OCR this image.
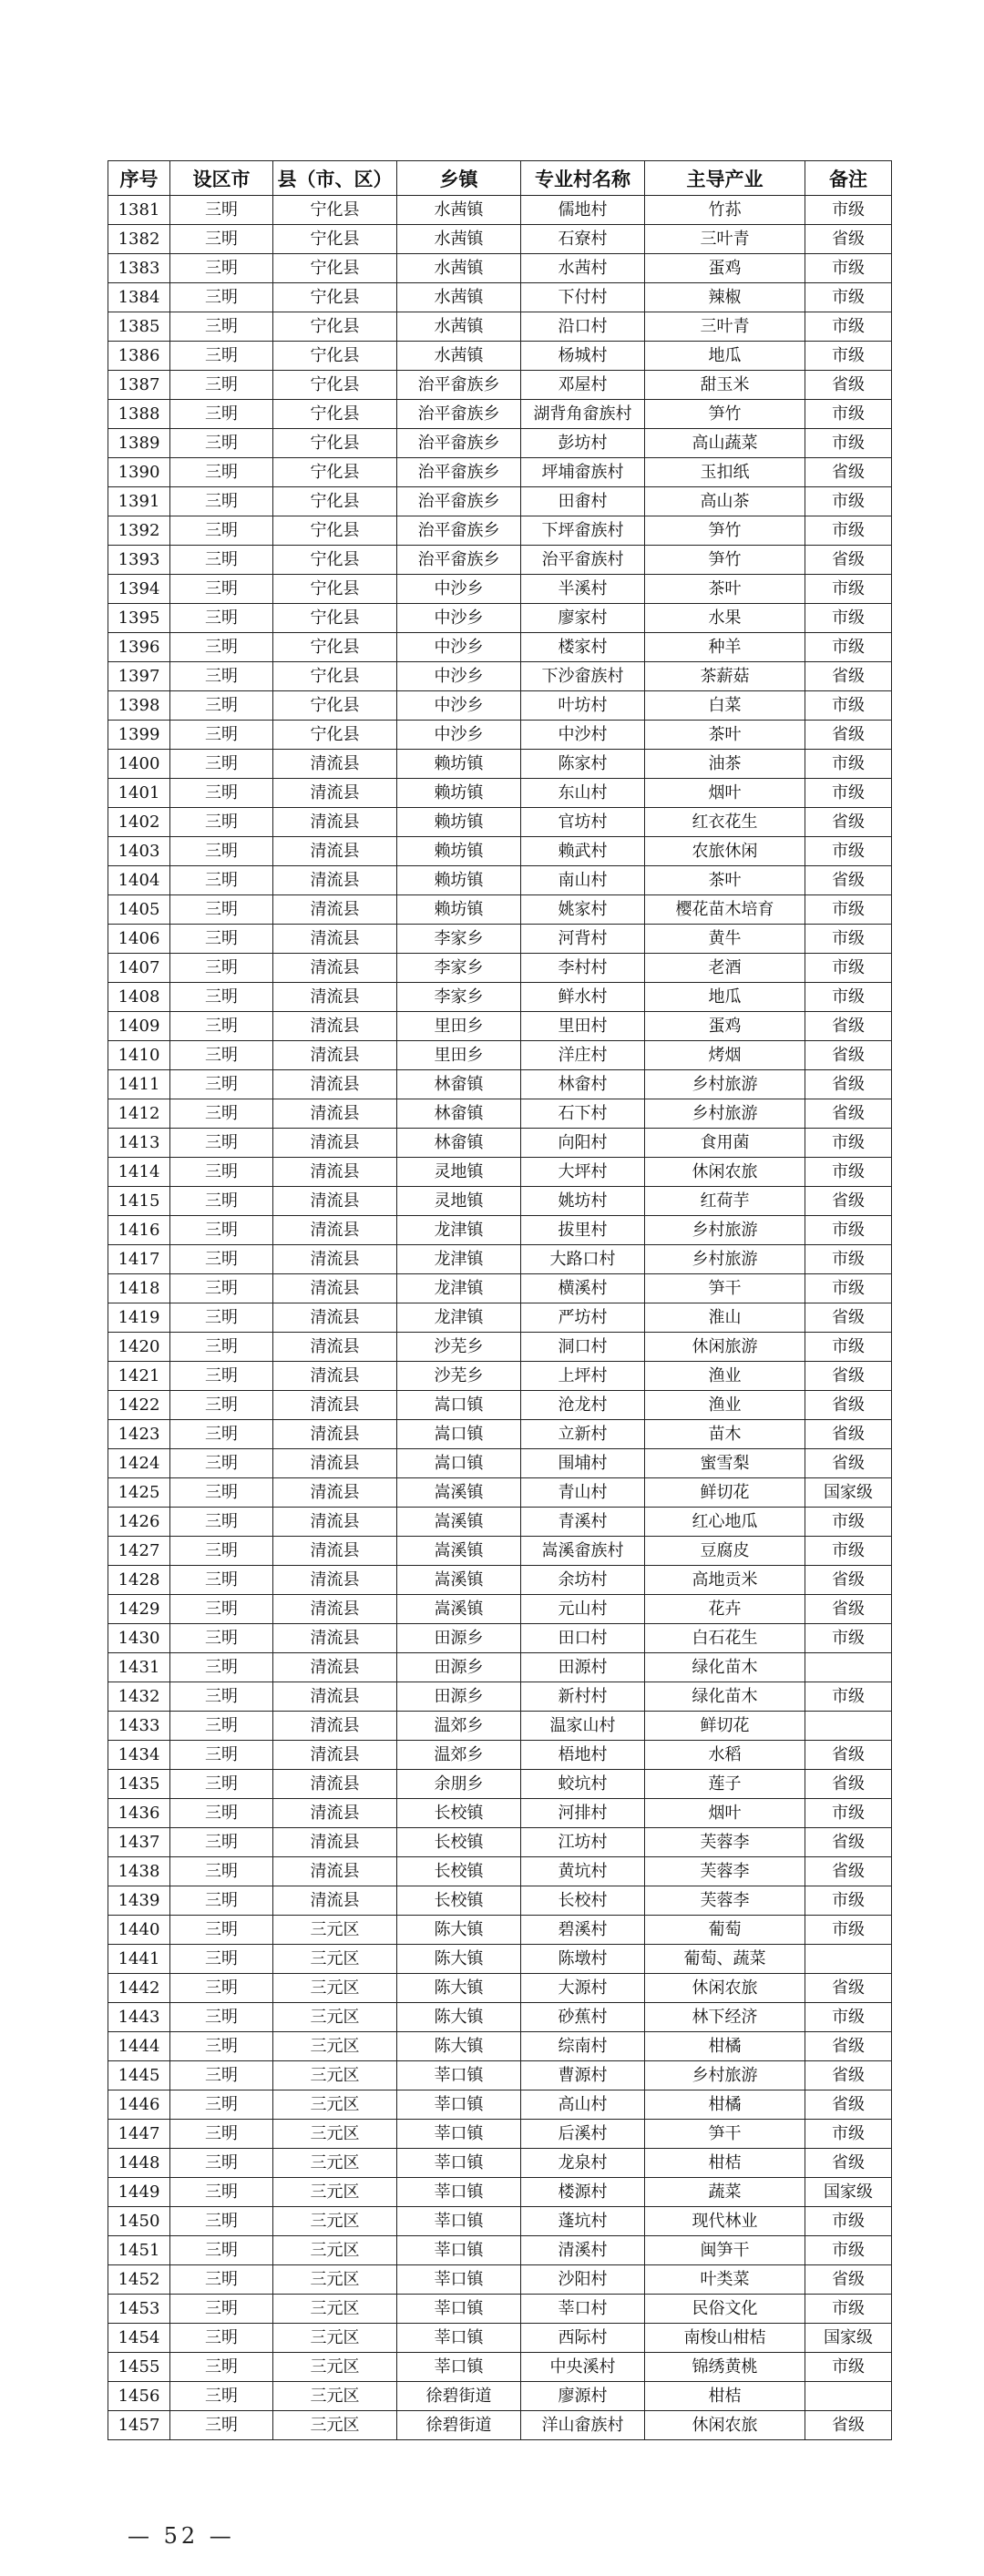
序号	设区市	县（市、区）	乡镇	专业村名称	主导产业	备注
1381	三明	宁化县	水茜镇	儒地村	竹荪	市级
1382	三明	宁化县	水茜镇	石寮村	三叶青	省级
1383	三明	宁化县	水茜镇	水茜村	蛋鸡	市级
1384	三明	宁化县	水茜镇	下付村	辣椒	市级
1385	三明	宁化县	水茜镇	沿口村	三叶青	市级
1386	三明	宁化县	水茜镇	杨城村	地瓜	市级
1387	三明	宁化县	治平畲族乡	邓屋村	甜玉米	省级
1388	三明	宁化县	治平畲族乡	湖背角畲族村	笋竹	市级
1389	三明	宁化县	治平畲族乡	彭坊村	高山蔬菜	市级
1390	三明	宁化县	治平畲族乡	坪埔畲族村	玉扣纸	省级
1391	三明	宁化县	治平畲族乡	田畬村	高山茶	市级
1392	三明	宁化县	治平畲族乡	下坪畲族村	笋竹	市级
1393	三明	宁化县	治平畲族乡	治平畲族村	笋竹	省级
1394	三明	宁化县	中沙乡	半溪村	茶叶	市级
1395	三明	宁化县	中沙乡	廖家村	水果	市级
1396	三明	宁化县	中沙乡	楼家村	种羊	市级
1397	三明	宁化县	中沙乡	下沙畲族村	茶薪菇	省级
1398	三明	宁化县	中沙乡	叶坊村	白菜	市级
1399	三明	宁化县	中沙乡	中沙村	茶叶	省级
1400	三明	清流县	赖坊镇	陈家村	油茶	市级
1401	三明	清流县	赖坊镇	东山村	烟叶	市级
1402	三明	清流县	赖坊镇	官坊村	红衣花生	省级
1403	三明	清流县	赖坊镇	赖武村	农旅休闲	市级
1404	三明	清流县	赖坊镇	南山村	茶叶	省级
1405	三明	清流县	赖坊镇	姚家村	樱花苗木培育	市级
1406	三明	清流县	李家乡	河背村	黄牛	市级
1407	三明	清流县	李家乡	李村村	老酒	市级
1408	三明	清流县	李家乡	鲜水村	地瓜	市级
1409	三明	清流县	里田乡	里田村	蛋鸡	省级
1410	三明	清流县	里田乡	洋庄村	烤烟	省级
1411	三明	清流县	林畲镇	林畲村	乡村旅游	省级
1412	三明	清流县	林畲镇	石下村	乡村旅游	省级
1413	三明	清流县	林畲镇	向阳村	食用菌	市级
1414	三明	清流县	灵地镇	大坪村	休闲农旅	市级
1415	三明	清流县	灵地镇	姚坊村	红荷芋	省级
1416	三明	清流县	龙津镇	拔里村	乡村旅游	市级
1417	三明	清流县	龙津镇	大路口村	乡村旅游	市级
1418	三明	清流县	龙津镇	横溪村	笋干	市级
1419	三明	清流县	龙津镇	严坊村	淮山	省级
1420	三明	清流县	沙芜乡	洞口村	休闲旅游	市级
1421	三明	清流县	沙芜乡	上坪村	渔业	省级
1422	三明	清流县	嵩口镇	沧龙村	渔业	省级
1423	三明	清流县	嵩口镇	立新村	苗木	省级
1424	三明	清流县	嵩口镇	围埔村	蜜雪梨	省级
1425	三明	清流县	嵩溪镇	青山村	鲜切花	国家级
1426	三明	清流县	嵩溪镇	青溪村	红心地瓜	市级
1427	三明	清流县	嵩溪镇	嵩溪畲族村	豆腐皮	市级
1428	三明	清流县	嵩溪镇	余坊村	高地贡米	省级
1429	三明	清流县	嵩溪镇	元山村	花卉	省级
1430	三明	清流县	田源乡	田口村	白石花生	市级
1431	三明	清流县	田源乡	田源村	绿化苗木	
1432	三明	清流县	田源乡	新村村	绿化苗木	市级
1433	三明	清流县	温郊乡	温家山村	鲜切花	
1434	三明	清流县	温郊乡	梧地村	水稻	省级
1435	三明	清流县	余朋乡	蛟坑村	莲子	省级
1436	三明	清流县	长校镇	河排村	烟叶	市级
1437	三明	清流县	长校镇	江坊村	芙蓉李	省级
1438	三明	清流县	长校镇	黄坑村	芙蓉李	省级
1439	三明	清流县	长校镇	长校村	芙蓉李	市级
1440	三明	三元区	陈大镇	碧溪村	葡萄	市级
1441	三明	三元区	陈大镇	陈墩村	葡萄、蔬菜	
1442	三明	三元区	陈大镇	大源村	休闲农旅	省级
1443	三明	三元区	陈大镇	砂蕉村	林下经济	市级
1444	三明	三元区	陈大镇	综南村	柑橘	省级
1445	三明	三元区	莘口镇	曹源村	乡村旅游	省级
1446	三明	三元区	莘口镇	高山村	柑橘	省级
1447	三明	三元区	莘口镇	后溪村	笋干	市级
1448	三明	三元区	莘口镇	龙泉村	柑桔	省级
1449	三明	三元区	莘口镇	楼源村	蔬菜	国家级
1450	三明	三元区	莘口镇	蓬坑村	现代林业	市级
1451	三明	三元区	莘口镇	清溪村	闽笋干	市级
1452	三明	三元区	莘口镇	沙阳村	叶类菜	省级
1453	三明	三元区	莘口镇	莘口村	民俗文化	市级
1454	三明	三元区	莘口镇	西际村	南梭山柑桔	国家级
1455	三明	三元区	莘口镇	中央溪村	锦绣黄桃	市级
1456	三明	三元区	徐碧街道	廖源村	柑桔	
1457	三明	三元区	徐碧街道	洋山畲族村	休闲农旅	省级
— 52 —
